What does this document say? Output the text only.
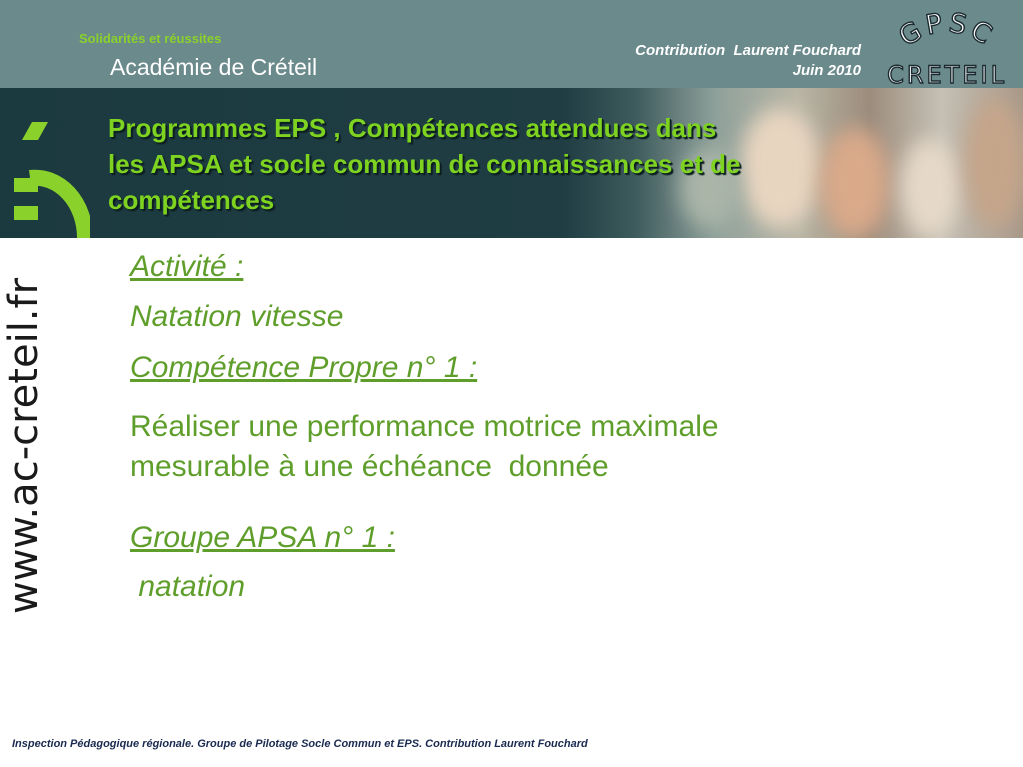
Solidarités et réussites
Académie de Créteil
Contribution  Laurent Fouchard
Juin 2010
GPSC
CRETEIL
Programmes EPS , Compétences attendues dans
les APSA et socle commun de connaissances et de
compétences
www.ac-creteil.fr
Activité :
Natation vitesse
Compétence Propre n° 1 :
Réaliser une performance motrice maximale
mesurable à une échéance  donnée
Groupe APSA n° 1 :
natation
Inspection Pédagogique régionale. Groupe de Pilotage Socle Commun et EPS. Contribution Laurent Fouchard
